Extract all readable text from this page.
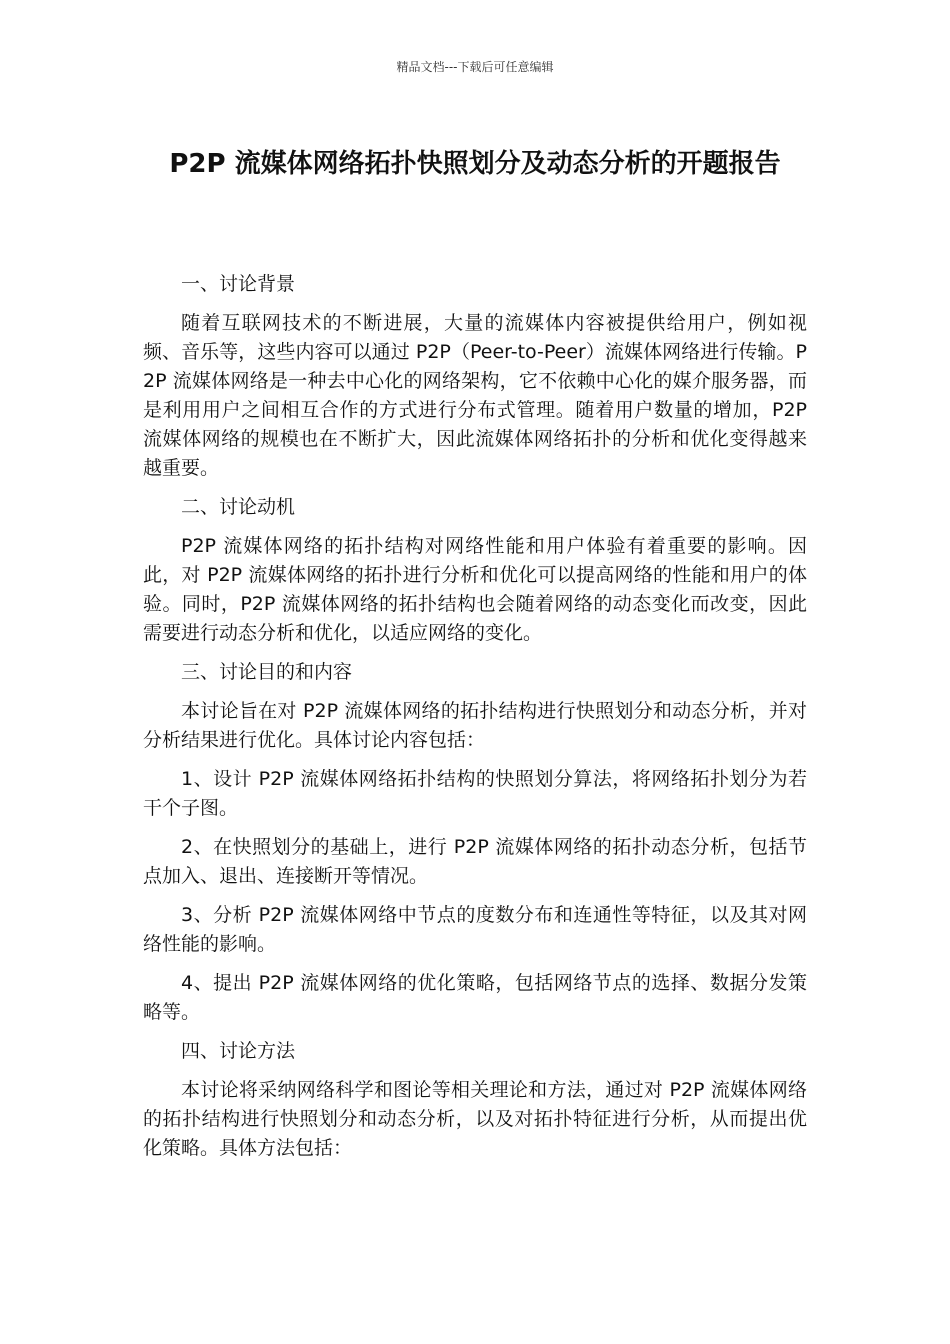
精品文档---下载后可任意编辑
P2P 流媒体网络拓扑快照划分及动态分析的开题报告

一、讨论背景

随着互联网技术的不断进展，大量的流媒体内容被提供给用户，例如视频、音乐等，这些内容可以通过 P2P（Peer-to-Peer）流媒体网络进行传输。P2P 流媒体网络是一种去中心化的网络架构，它不依赖中心化的媒介服务器，而是利用用户之间相互合作的方式进行分布式管理。随着用户数量的增加，P2P 流媒体网络的规模也在不断扩大，因此流媒体网络拓扑的分析和优化变得越来越重要。

二、讨论动机

P2P 流媒体网络的拓扑结构对网络性能和用户体验有着重要的影响。因此，对 P2P 流媒体网络的拓扑进行分析和优化可以提高网络的性能和用户的体验。同时，P2P 流媒体网络的拓扑结构也会随着网络的动态变化而改变，因此需要进行动态分析和优化，以适应网络的变化。

三、讨论目的和内容

本讨论旨在对 P2P 流媒体网络的拓扑结构进行快照划分和动态分析，并对分析结果进行优化。具体讨论内容包括：

1、设计 P2P 流媒体网络拓扑结构的快照划分算法，将网络拓扑划分为若干个子图。

2、在快照划分的基础上，进行 P2P 流媒体网络的拓扑动态分析，包括节点加入、退出、连接断开等情况。

3、分析 P2P 流媒体网络中节点的度数分布和连通性等特征，以及其对网络性能的影响。

4、提出 P2P 流媒体网络的优化策略，包括网络节点的选择、数据分发策略等。

四、讨论方法

本讨论将采纳网络科学和图论等相关理论和方法，通过对 P2P 流媒体网络的拓扑结构进行快照划分和动态分析，以及对拓扑特征进行分析，从而提出优化策略。具体方法包括：
